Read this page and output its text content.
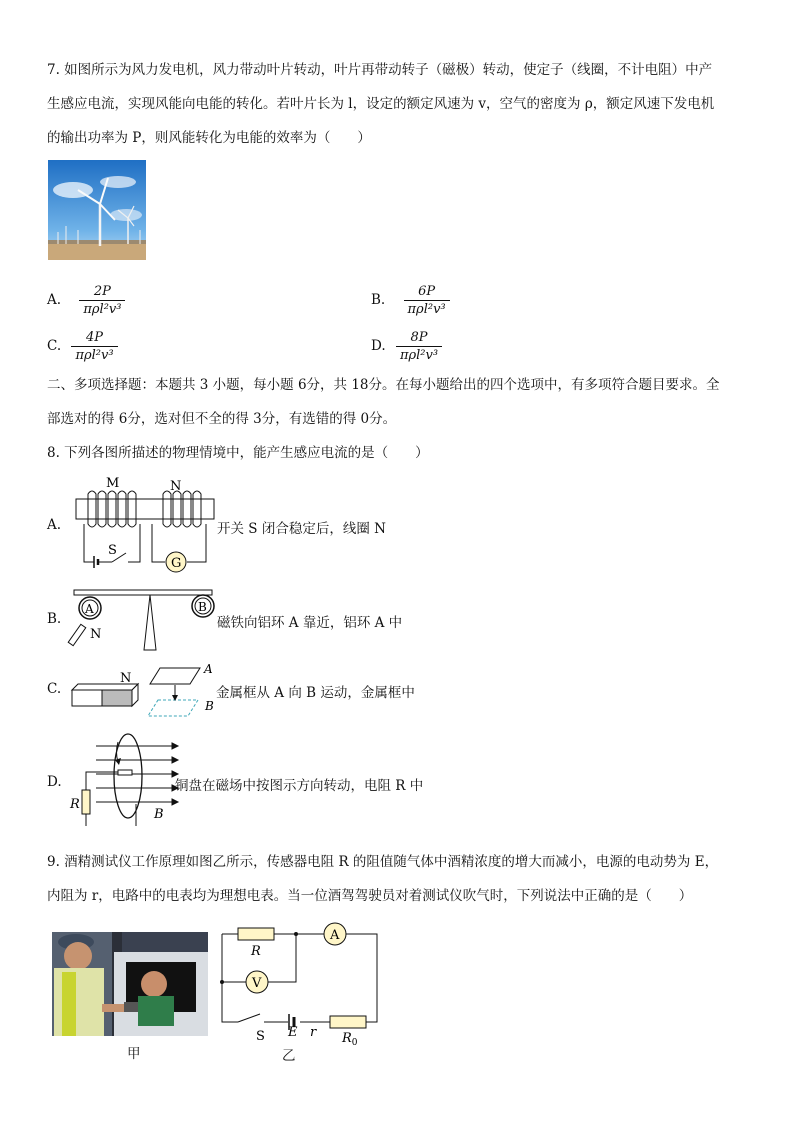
7. 如图所示为风力发电机，风力带动叶片转动，叶片再带动转子（磁极）转动，使定子（线圈，不计电阻）中产
生感应电流，实现风能向电能的转化。若叶片长为 l，设定的额定风速为 v，空气的密度为 ρ，额定风速下发电机
的输出功率为 P，则风能转化为电能的效率为（　　）
A. $\frac{2P}{\text{πρl²v³}}$	B. $\frac{6P}{\text{πρl²v³}}$
C. $\frac{4P}{\text{πρl²v³}}$	D. $\frac{8P}{\text{πρl²v³}}$
二、多项选择题：本题共 3 小题，每小题 6分，共 18分。在每小题给出的四个选项中，有多项符合题目要求。全
部选对的得 6分，选对但不全的得 3分，有选错的得 0分。
8. 下列各图所描述的物理情境中，能产生感应电流的是（　　）
A.
M	N
S
G
开关 S 闭合稳定后，线圈 N
B.
A	B
N
磁铁向铝环 A 靠近，铝环 A 中
C.
N
A
B
金属框从 A 向 B 运动，金属框中
D.
R
B
铜盘在磁场中按图示方向转动，电阻 R 中
9. 酒精测试仪工作原理如图乙所示，传感器电阻 R 的阻值随气体中酒精浓度的增大而减小，电源的电动势为 E，
内阻为 r，电路中的电表均为理想电表。当一位酒驾驾驶员对着测试仪吹气时，下列说法中正确的是（　　）
甲
R
A
V
S E r $R_0$
乙
